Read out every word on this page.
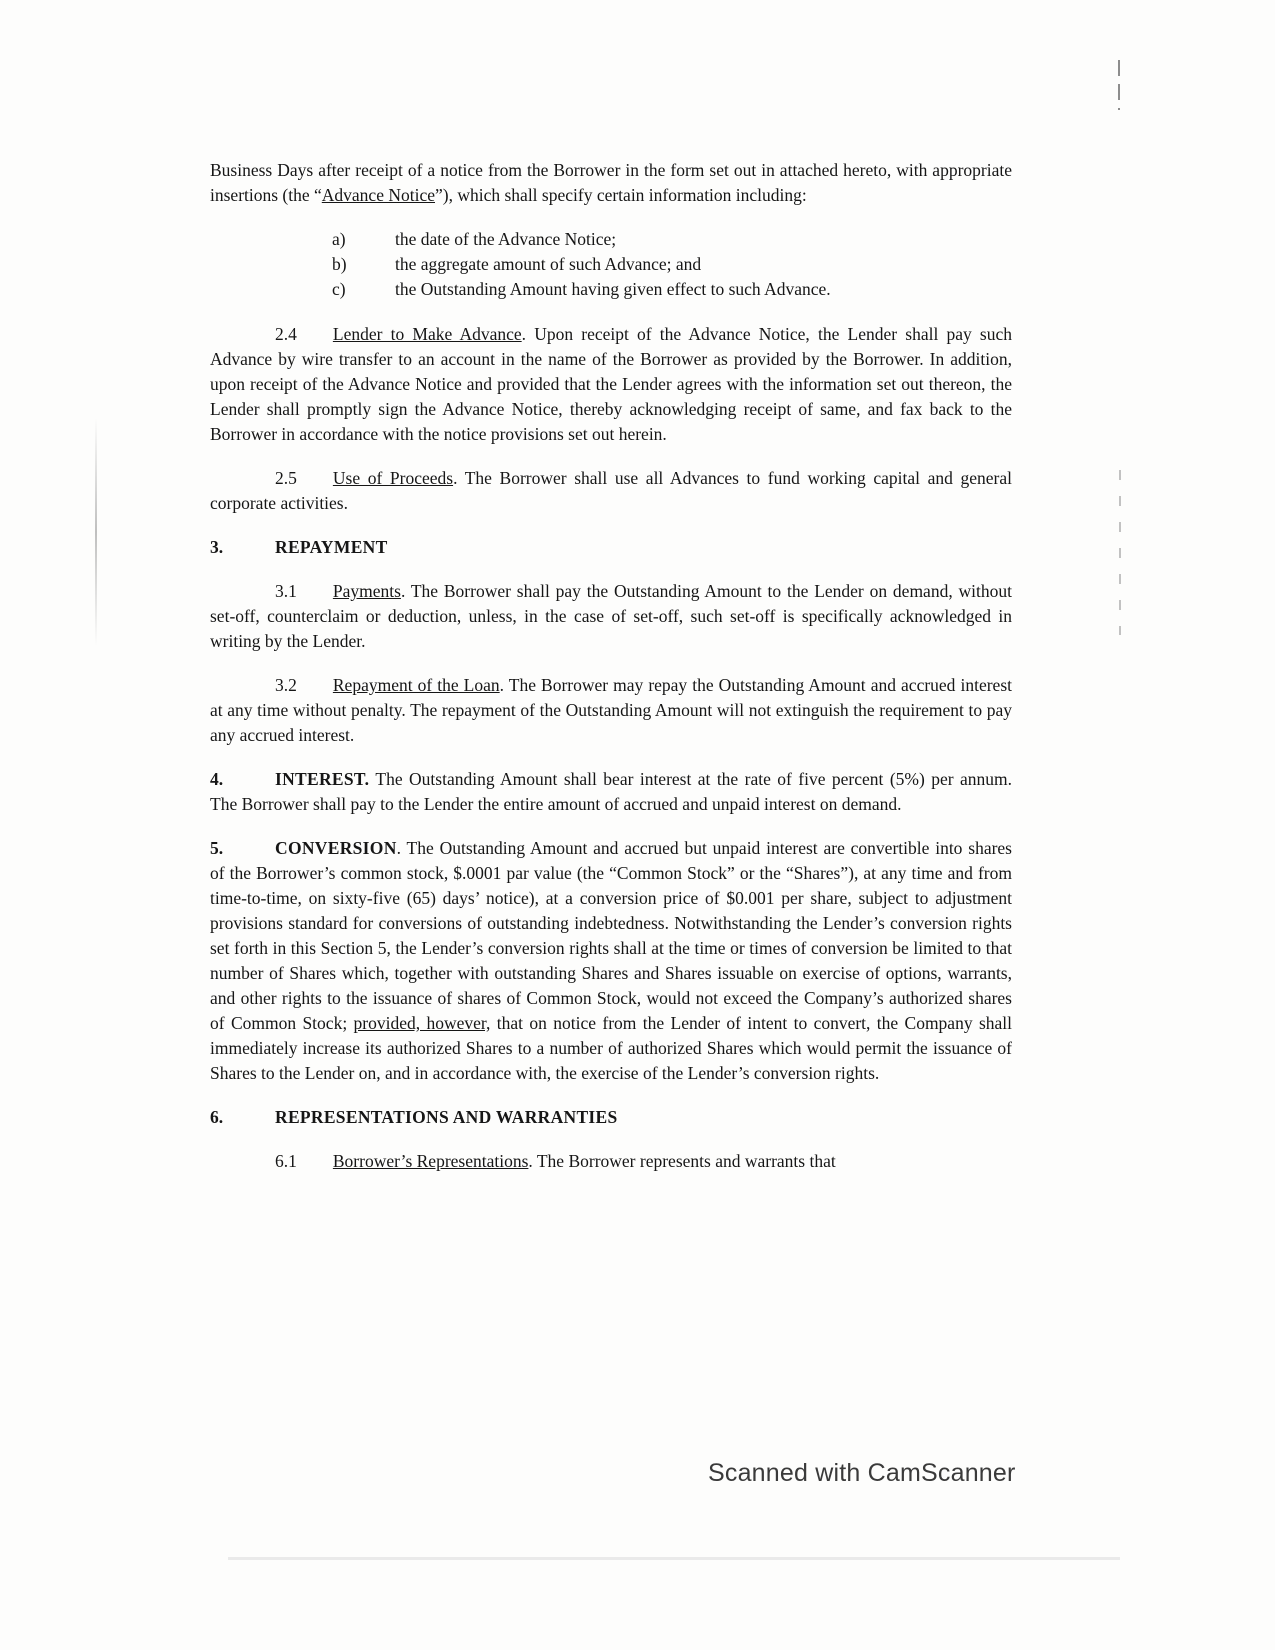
Business Days after receipt of a notice from the Borrower in the form set out in attached hereto, with appropriate insertions (the “Advance Notice”), which shall specify certain information including:

a)	the date of the Advance Notice;
b)	the aggregate amount of such Advance; and
c)	the Outstanding Amount having given effect to such Advance.

2.4 Lender to Make Advance. Upon receipt of the Advance Notice, the Lender shall pay such Advance by wire transfer to an account in the name of the Borrower as provided by the Borrower. In addition, upon receipt of the Advance Notice and provided that the Lender agrees with the information set out thereon, the Lender shall promptly sign the Advance Notice, thereby acknowledging receipt of same, and fax back to the Borrower in accordance with the notice provisions set out herein.

2.5 Use of Proceeds. The Borrower shall use all Advances to fund working capital and general corporate activities.

3.	REPAYMENT

3.1 Payments. The Borrower shall pay the Outstanding Amount to the Lender on demand, without set-off, counterclaim or deduction, unless, in the case of set-off, such set-off is specifically acknowledged in writing by the Lender.

3.2 Repayment of the Loan. The Borrower may repay the Outstanding Amount and accrued interest at any time without penalty. The repayment of the Outstanding Amount will not extinguish the requirement to pay any accrued interest.

4.	INTEREST. The Outstanding Amount shall bear interest at the rate of five percent (5%) per annum. The Borrower shall pay to the Lender the entire amount of accrued and unpaid interest on demand.

5.	CONVERSION. The Outstanding Amount and accrued but unpaid interest are convertible into shares of the Borrower’s common stock, $.0001 par value (the “Common Stock” or the “Shares”), at any time and from time-to-time, on sixty-five (65) days’ notice), at a conversion price of $0.001 per share, subject to adjustment provisions standard for conversions of outstanding indebtedness. Notwithstanding the Lender’s conversion rights set forth in this Section 5, the Lender’s conversion rights shall at the time or times of conversion be limited to that number of Shares which, together with outstanding Shares and Shares issuable on exercise of options, warrants, and other rights to the issuance of shares of Common Stock, would not exceed the Company’s authorized shares of Common Stock; provided, however, that on notice from the Lender of intent to convert, the Company shall immediately increase its authorized Shares to a number of authorized Shares which would permit the issuance of Shares to the Lender on, and in accordance with, the exercise of the Lender’s conversion rights.

6.	REPRESENTATIONS AND WARRANTIES

6.1 Borrower’s Representations. The Borrower represents and warrants that

Scanned with CamScanner
